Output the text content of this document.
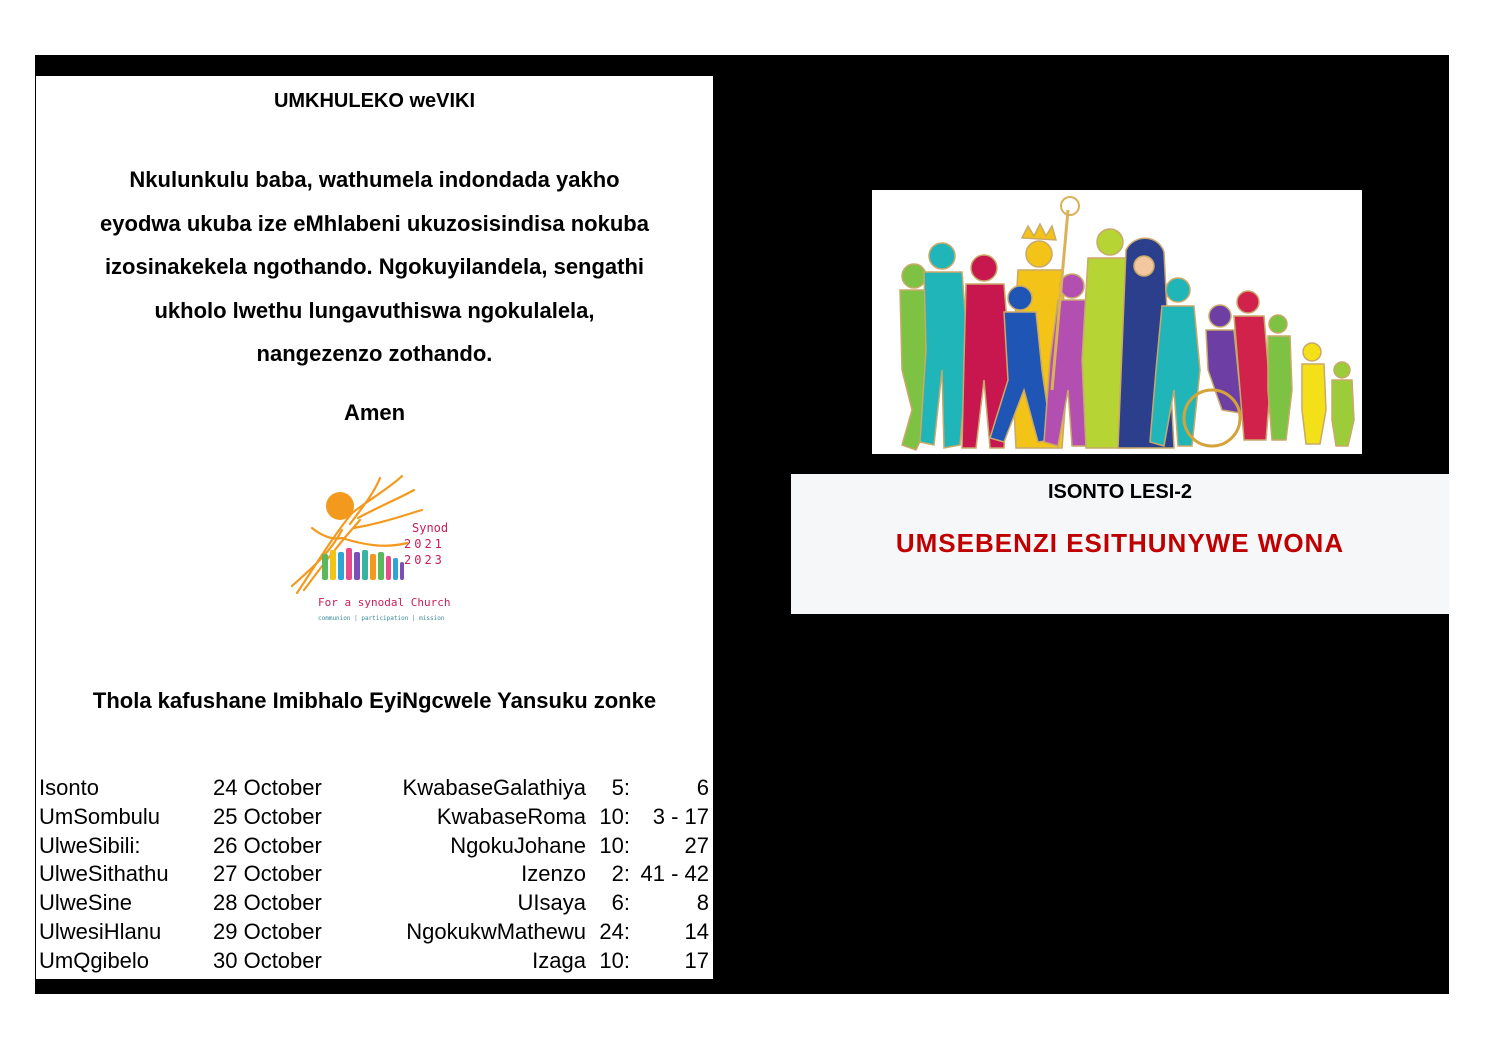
UMKHULEKO weVIKI
Nkulunkulu baba, wathumela indondada yakho
eyodwa ukuba ize eMhlabeni ukuzosisindisa nokuba
izosinakekela ngothando. Ngokuyilandela, sengathi
ukholo lwethu lungavuthiswa ngokulalela,
nangezenzo zothando.
Amen
Synod
2021
2023
For a synodal Church
communion | participation | mission
Thola kafushane Imibhalo EyiNgcwele Yansuku zonke
Isonto	24 October	KwabaseGalathiya 5:	6
UmSombulu 25 October	KwabaseRoma 10: 3 - 17
UlweSibili:	26 October	NgokuJohane 10: 27
UlweSithathu 27 October	Izenzo 2: 41 - 42
UlweSine	28 October	UIsaya 6:	8
UlwesiHlanu 29 October	NgokukwMathewu 24: 14
UmQgibelo	30 October	Izaga 10: 17
ISONTO LESI-2
UMSEBENZI ESITHUNYWE WONA
